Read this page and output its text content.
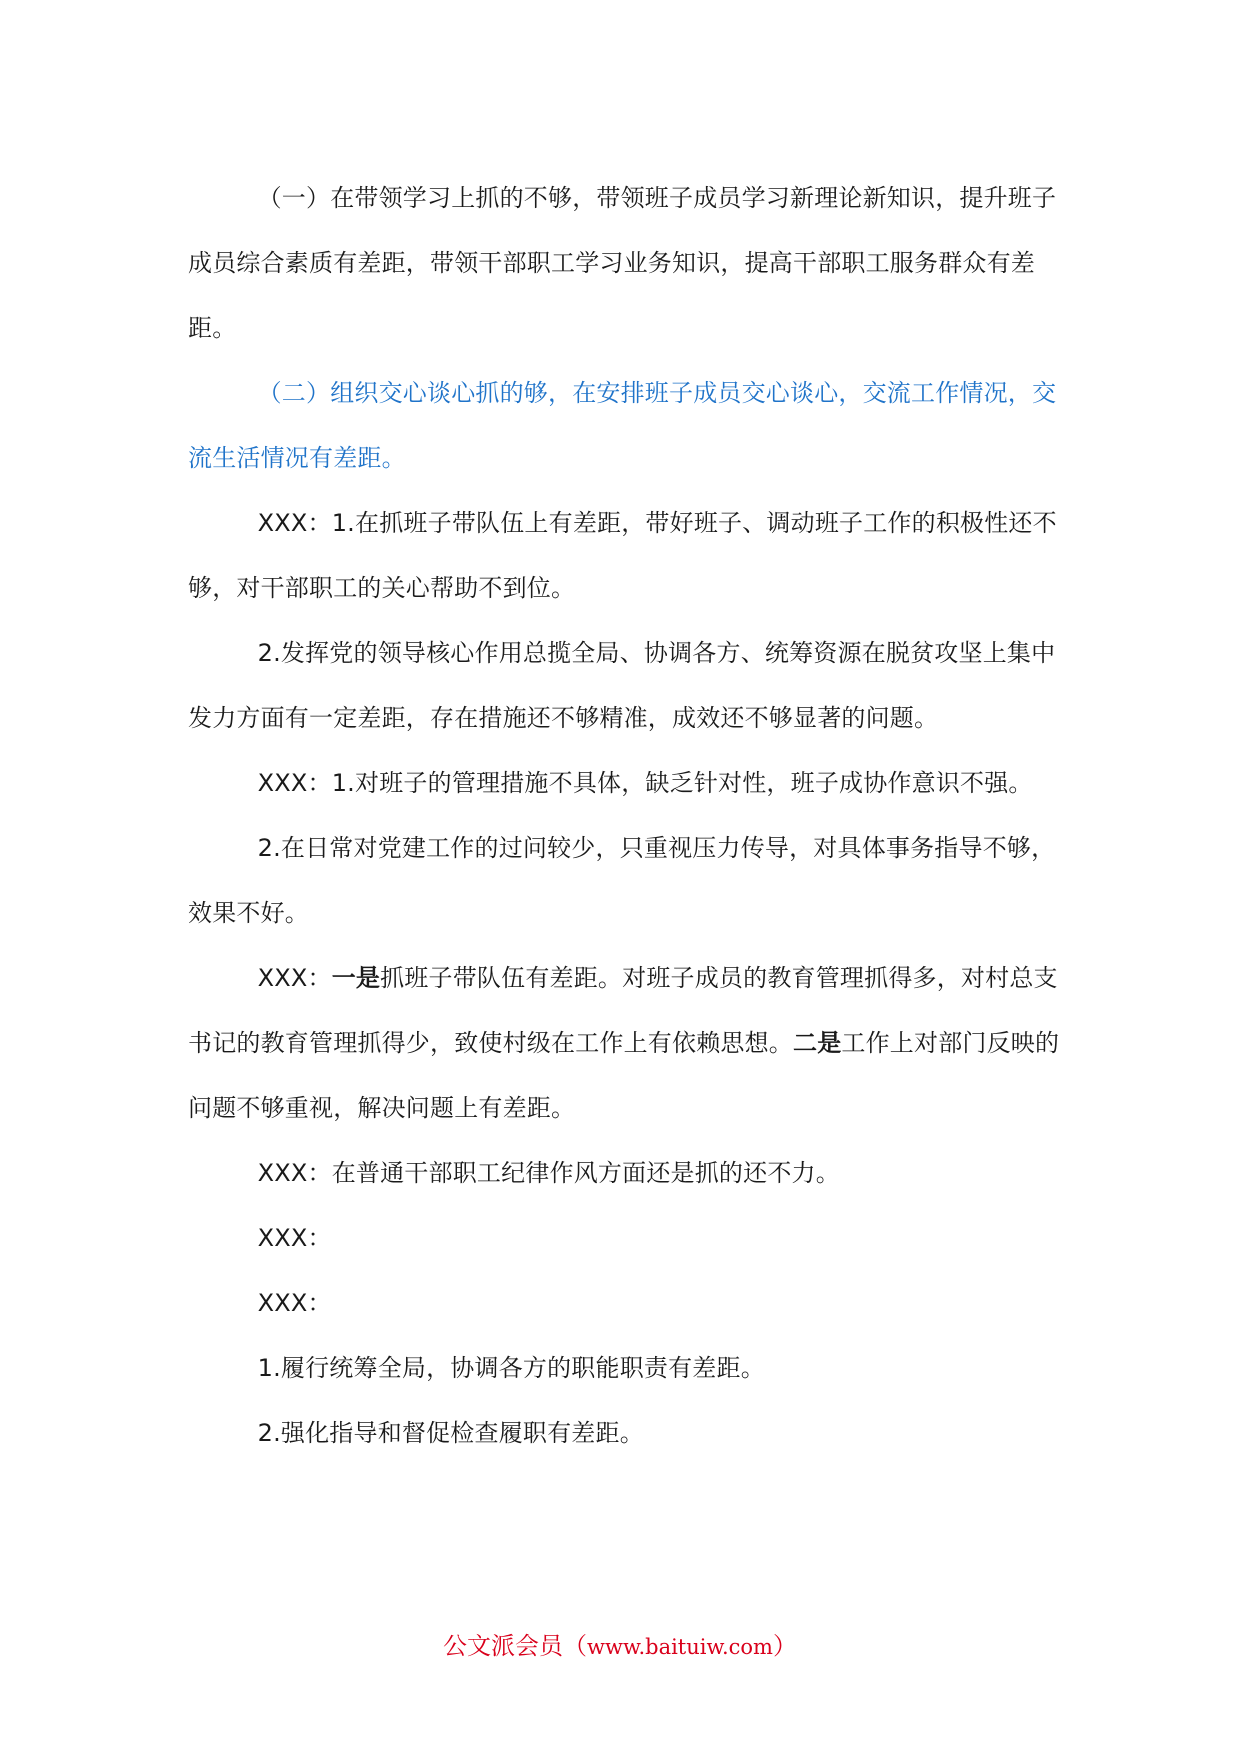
（一）在带领学习上抓的不够，带领班子成员学习新理论新知识，提升班子成员综合素质有差距，带领干部职工学习业务知识，提高干部职工服务群众有差距。

（二）组织交心谈心抓的够，在安排班子成员交心谈心，交流工作情况，交流生活情况有差距。

XXX：1.在抓班子带队伍上有差距，带好班子、调动班子工作的积极性还不够，对干部职工的关心帮助不到位。

2.发挥党的领导核心作用总揽全局、协调各方、统筹资源在脱贫攻坚上集中发力方面有一定差距，存在措施还不够精准，成效还不够显著的问题。

XXX：1.对班子的管理措施不具体，缺乏针对性，班子成协作意识不强。

2.在日常对党建工作的过问较少，只重视压力传导，对具体事务指导不够，效果不好。

XXX：一是抓班子带队伍有差距。对班子成员的教育管理抓得多，对村总支书记的教育管理抓得少，致使村级在工作上有依赖思想。二是工作上对部门反映的问题不够重视，解决问题上有差距。

XXX：在普通干部职工纪律作风方面还是抓的还不力。

XXX：

XXX：

1.履行统筹全局，协调各方的职能职责有差距。

2.强化指导和督促检查履职有差距。

公文派会员（www.baituiw.com）
